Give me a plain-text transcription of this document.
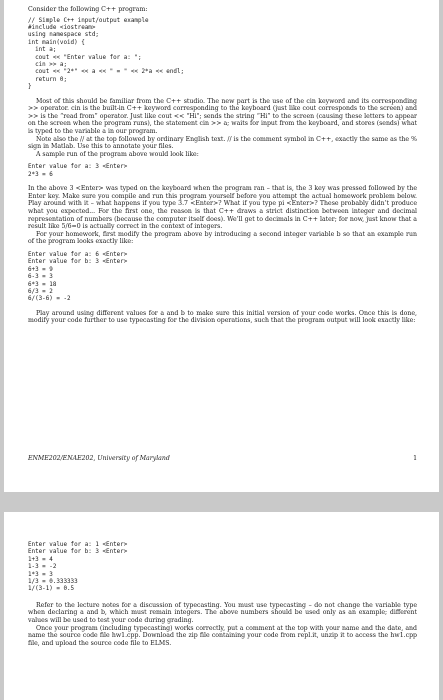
Consider the following C++ program:

// Simple C++ input/output example

#include <iostream>

using namespace std;

int main(void) {

int a;

cout << "Enter value for a: ";

cin >> a;

cout << "2*" << a << " = " << 2*a << endl;

return 0;

}

Most of this should be familiar from the C++ studio. The new part is the use of the cin keyword and its corresponding >> operator. cin is the built-in C++ keyword corresponding to the keyboard (just like cout corresponds to the screen) and >> is the “read from” operator. Just like cout << "Hi"; sends the string “Hi” to the screen (causing these letters to appear on the screen when the program runs), the statement cin >> a; waits for input from the keyboard, and stores (sends) what is typed to the variable a in our program.

Note also the // at the top followed by ordinary English text. // is the comment symbol in C++, exactly the same as the % sign in Matlab. Use this to annotate your files.

A sample run of the program above would look like:

Enter value for a: 3 <Enter>

2*3 = 6

In the above 3 <Enter> was typed on the keyboard when the program ran – that is, the 3 key was pressed followed by the Enter key. Make sure you compile and run this program yourself before you attempt the actual homework problem below. Play around with it – what happens if you type 3.7 <Enter>? What if you type pi <Enter>? These probably didn’t produce what you expected... For the first one, the reason is that C++ draws a strict distinction between integer and decimal representation of numbers (because the computer itself does). We’ll get to decimals in C++ later; for now, just know that a result like 5/6=0 is actually correct in the context of integers.

For your homework, first modify the program above by introducing a second integer variable b so that an example run of the program looks exactly like:

Enter value for a: 6 <Enter>

Enter value for b: 3 <Enter>

6+3 = 9

6-3 = 3

6*3 = 18

6/3 = 2

6/(3-6) = -2

Play around using different values for a and b to make sure this initial version of your code works. Once this is done, modify your code further to use typecasting for the division operations, such that the program output will look exactly like:

ENME202/ENAE202, University of Maryland	1

Enter value for a: 1 <Enter>

Enter value for b: 3 <Enter>

1+3 = 4

1-3 = -2

1*3 = 3

1/3 = 0.333333

1/(3-1) = 0.5

Refer to the lecture notes for a discussion of typecasting. You must use typecasting – do not change the variable type when declaring a and b, which must remain integers. The above numbers should be used only as an example; different values will be used to test your code during grading.

Once your program (including typecasting) works correctly, put a comment at the top with your name and the date, and name the source code file hw1.cpp. Download the zip file containing your code from repl.it, unzip it to access the hw1.cpp file, and upload the source code file to ELMS.
